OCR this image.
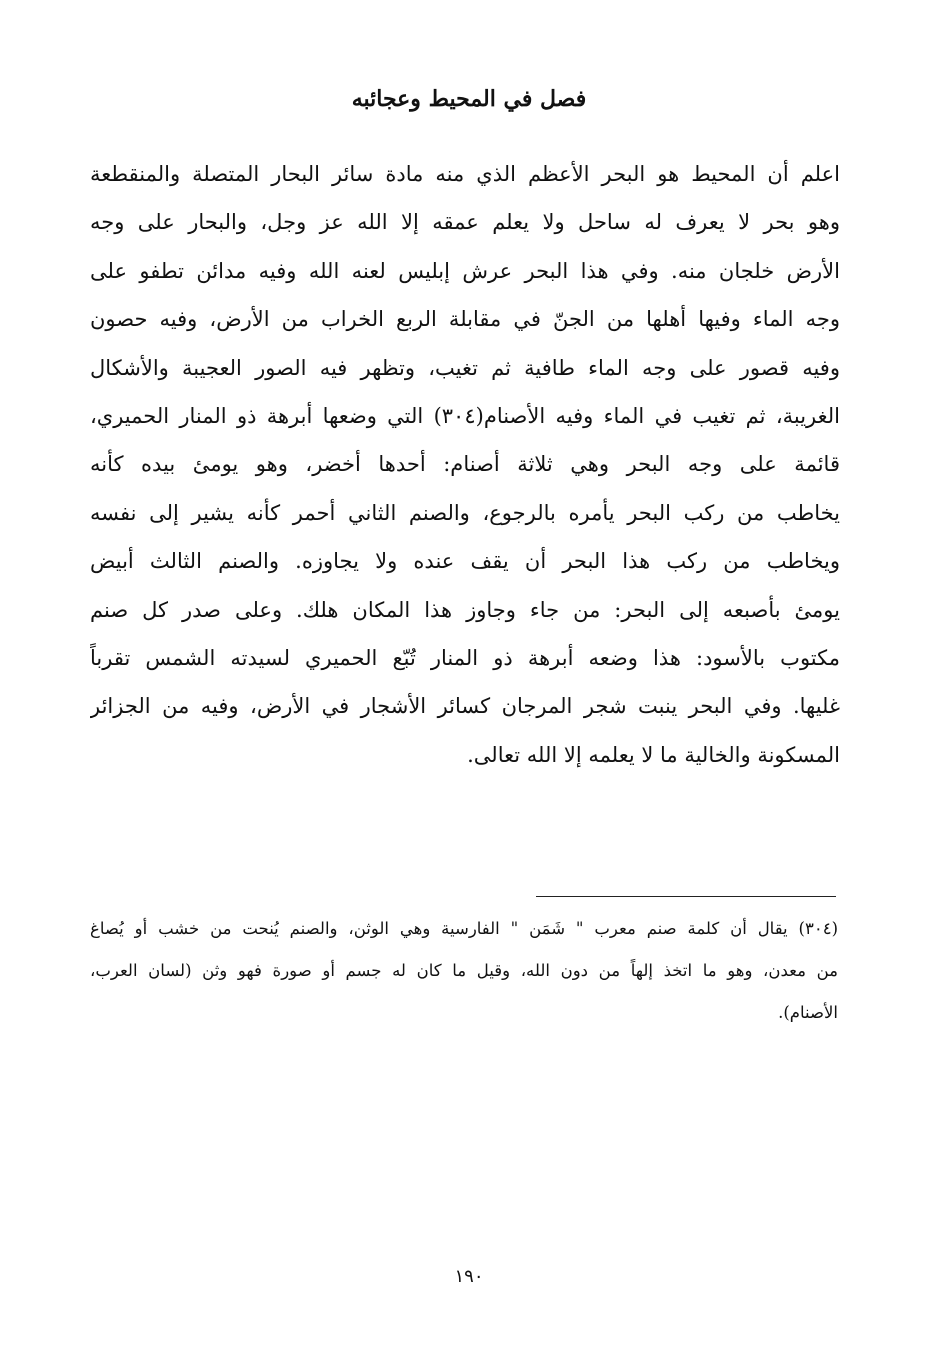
فصل في المحيط وعجائبه
اعلم أن المحيط هو البحر الأعظم الذي منه مادة سائر البحار المتصلة والمنقطعة
وهو بحر لا يعرف له ساحل ولا يعلم عمقه إلا الله عز وجل، والبحار على وجه
الأرض خلجان منه. وفي هذا البحر عرش إبليس لعنه الله وفيه مدائن تطفو على
وجه الماء وفيها أهلها من الجنّ في مقابلة الربع الخراب من الأرض، وفيه حصون
وفيه قصور على وجه الماء طافية ثم تغيب، وتظهر فيه الصور العجيبة والأشكال
الغريبة، ثم تغيب في الماء وفيه الأصنام(٣٠٤) التي وضعها أبرهة ذو المنار الحميري،
قائمة على وجه البحر وهي ثلاثة أصنام: أحدها أخضر، وهو يومئ بيده كأنه
يخاطب من ركب البحر يأمره بالرجوع، والصنم الثاني أحمر كأنه يشير إلى نفسه
ويخاطب من ركب هذا البحر أن يقف عنده ولا يجاوزه. والصنم الثالث أبيض
يومئ بأصبعه إلى البحر: من جاء وجاوز هذا المكان هلك. وعلى صدر كل صنم
مكتوب بالأسود: هذا وضعه أبرهة ذو المنار تُبّع الحميري لسيدته الشمس تقرباً
غليها. وفي البحر ينبت شجر المرجان كسائر الأشجار في الأرض، وفيه من الجزائر
المسكونة والخالية ما لا يعلمه إلا الله تعالى.
(٣٠٤) يقال أن كلمة صنم معرب " شَمَن " الفارسية وهي الوثن، والصنم يُنحت من خشب أو يُصاغ
من معدن، وهو ما اتخذ إلهاً من دون الله، وقيل ما كان له جسم أو صورة فهو وثن (لسان العرب،
الأصنام).
١٩٠
